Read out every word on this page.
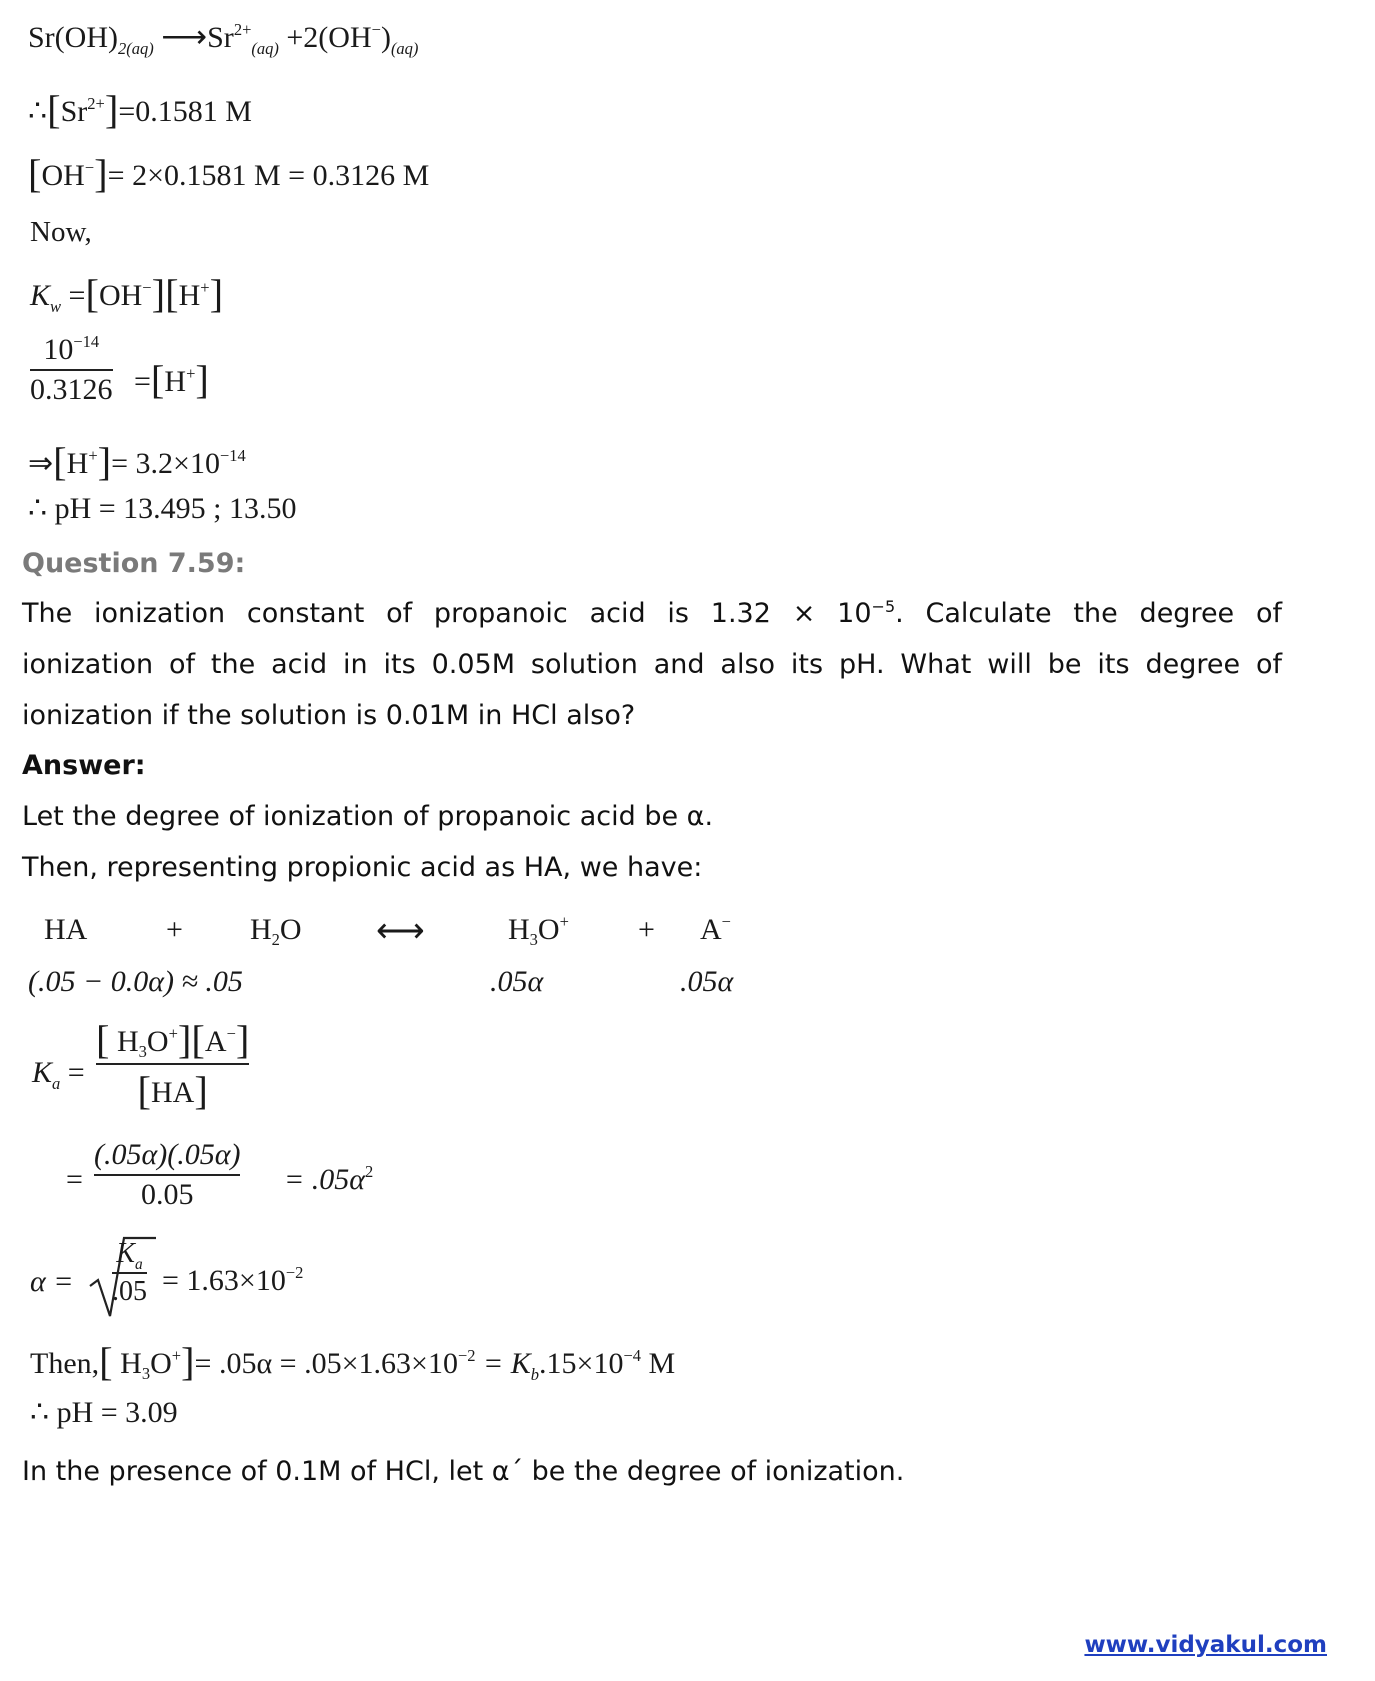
$Sr(OH)_{2(aq)}$ $⟶Sr^{2+}_{(aq)} +2(OH^-)_{(aq)}$
$\therefore[Sr^{2+}]=0.1581$ M
[OH−]= 2×0.1581 M = 0.3126 M
Now,
$K_w =[OH^-][H^+]$
$10^{-14}$
0.3126 =[H+]
⇒[H+]= $3.2\times 10^{-14}$
∴ pH = 13.495 ; 13.50
Question 7.59:
The ionization constant of propanoic acid is $1.32 \times 10^{-5}$. Calculate the degree of
ionization of the acid in its 0.05M solution and also its pH. What will be its degree of
ionization if the solution is 0.01M in HCl also?
Answer:
Let the degree of ionization of propanoic acid be α.
Then, representing propionic acid as HA, we have:
HA	+ H2O ⟷	H3O+ + A−
(.05 − 0.0α) ≈ .05	.05α	.05α
$K_a$ =
[ H3O+][A−]
[HA]
=
(.05α)(.05α)
0.05	= $.05\alpha^2$
α =
$K_a$
$.05 = 1.63\times 10^{-2}$
Then,[ $H3O^+]= .05\alpha = .05\times 1.63\times 10^{-2} = K_b.15\times 10^{-4}$ M
∴ pH = 3.09
In the presence of 0.1M of HCl, let α´ be the degree of ionization.
www.vidyakul.com
